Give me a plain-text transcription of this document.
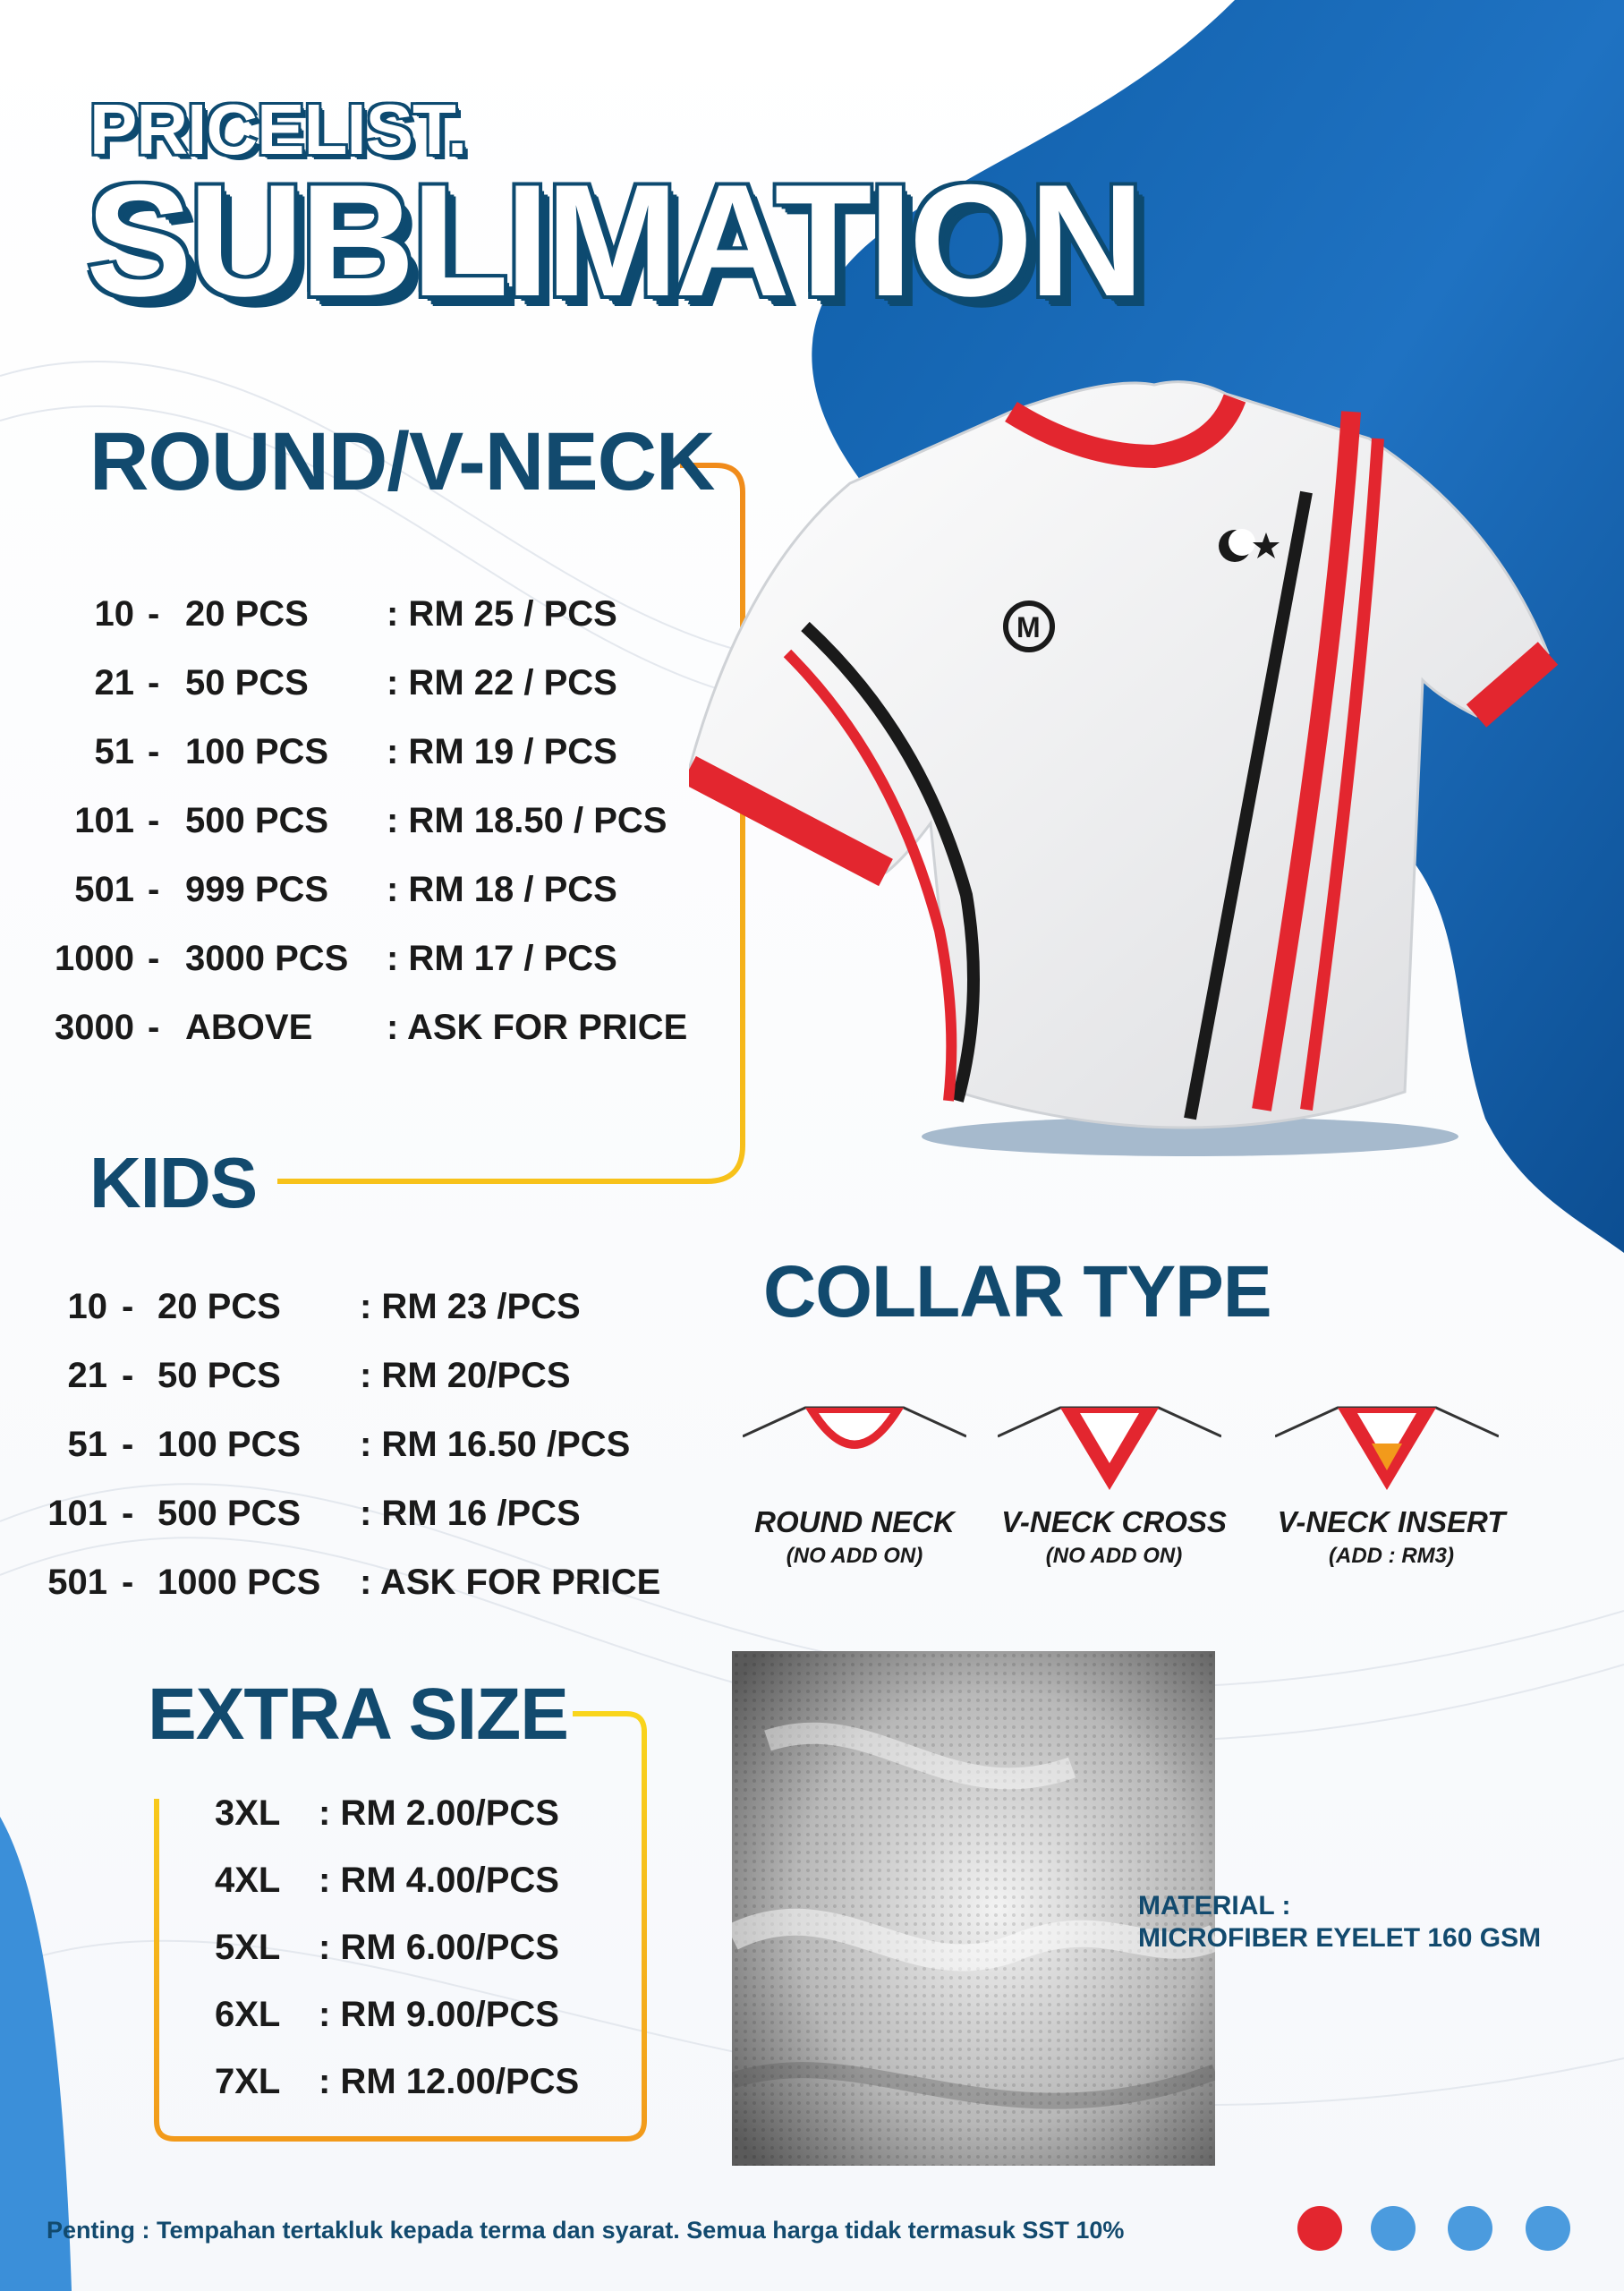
PRICELIST.
SUBLIMATION
M
ROUND/V-NECK
10 - 20 PCS : RM 25 / PCS
21 - 50 PCS : RM 22 / PCS
51 - 100 PCS : RM 19 / PCS
101 - 500 PCS : RM 18.50 / PCS
501 - 999 PCS : RM 18 / PCS
1000 - 3000 PCS : RM 17 / PCS
3000 - ABOVE : ASK FOR PRICE
KIDS
10 - 20 PCS : RM 23 /PCS
21 - 50 PCS : RM 20/PCS
51 - 100 PCS : RM 16.50 /PCS
101 - 500 PCS : RM 16 /PCS
501 - 1000 PCS : ASK FOR PRICE
EXTRA SIZE
3XL : RM 2.00/PCS
4XL : RM 4.00/PCS
5XL : RM 6.00/PCS
6XL : RM 9.00/PCS
7XL : RM 12.00/PCS
COLLAR TYPE
ROUND NECK
(NO ADD ON)
V-NECK CROSS
(NO ADD ON)
V-NECK INSERT
(ADD : RM3)
MATERIAL :
MICROFIBER EYELET 160 GSM
Penting : Tempahan tertakluk kepada terma dan syarat. Semua harga tidak termasuk SST 10%
